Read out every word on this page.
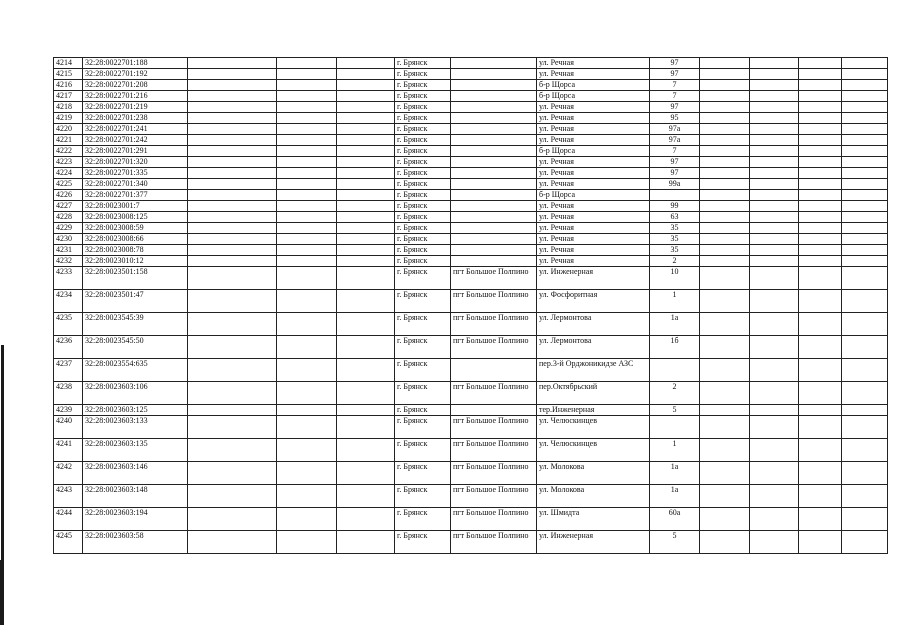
4214	32:28:0022701:188				г. Брянск		ул. Речная	97				
4215	32:28:0022701:192				г. Брянск		ул. Речная	97				
4216	32:28:0022701:208				г. Брянск		б-р Щорса	7				
4217	32:28:0022701:216				г. Брянск		б-р Щорса	7				
4218	32:28:0022701:219				г. Брянск		ул. Речная	97				
4219	32:28:0022701:238				г. Брянск		ул. Речная	95				
4220	32:28:0022701:241				г. Брянск		ул. Речная	97а				
4221	32:28:0022701:242				г. Брянск		ул. Речная	97а				
4222	32:28:0022701:291				г. Брянск		б-р Щорса	7				
4223	32:28:0022701:320				г. Брянск		ул. Речная	97				
4224	32:28:0022701:335				г. Брянск		ул. Речная	97				
4225	32:28:0022701:340				г. Брянск		ул. Речная	99а				
4226	32:28:0022701:377				г. Брянск		б-р Щорса					
4227	32:28:0023001:7				г. Брянск		ул. Речная	99				
4228	32:28:0023008:125				г. Брянск		ул. Речная	63				
4229	32:28:0023008:59				г. Брянск		ул. Речная	35				
4230	32:28:0023008:66				г. Брянск		ул. Речная	35				
4231	32:28:0023008:78				г. Брянск		ул. Речная	35				
4232	32:28:0023010:12				г. Брянск		ул. Речная	2				
4233	32:28:0023501:158				г. Брянск	пгт Большое Полпино	ул. Инженерная	10				
4234	32:28:0023501:47				г. Брянск	пгт Большое Полпино	ул. Фосфоритная	1				
4235	32:28:0023545:39				г. Брянск	пгт Большое Полпино	ул. Лермонтова	1а				
4236	32:28:0023545:50				г. Брянск	пгт Большое Полпино	ул. Лермонтова	1б				
4237	32:28:0023554:635				г. Брянск		пер.3-й Орджоникидзе АЗС					
4238	32:28:0023603:106				г. Брянск	пгт Большое Полпино	пер.Октябрьский	2				
4239	32:28:0023603:125				г. Брянск		тер.Инженерная	5				
4240	32:28:0023603:133				г. Брянск	пгт Большое Полпино	ул. Челюскинцев					
4241	32:28:0023603:135				г. Брянск	пгт Большое Полпино	ул. Челюскинцев	1				
4242	32:28:0023603:146				г. Брянск	пгт Большое Полпино	ул. Молокова	1а				
4243	32:28:0023603:148				г. Брянск	пгт Большое Полпино	ул. Молокова	1а				
4244	32:28:0023603:194				г. Брянск	пгт Большое Полпино	ул. Шмидта	60а				
4245	32:28:0023603:58				г. Брянск	пгт Большое Полпино	ул. Инженерная	5				
